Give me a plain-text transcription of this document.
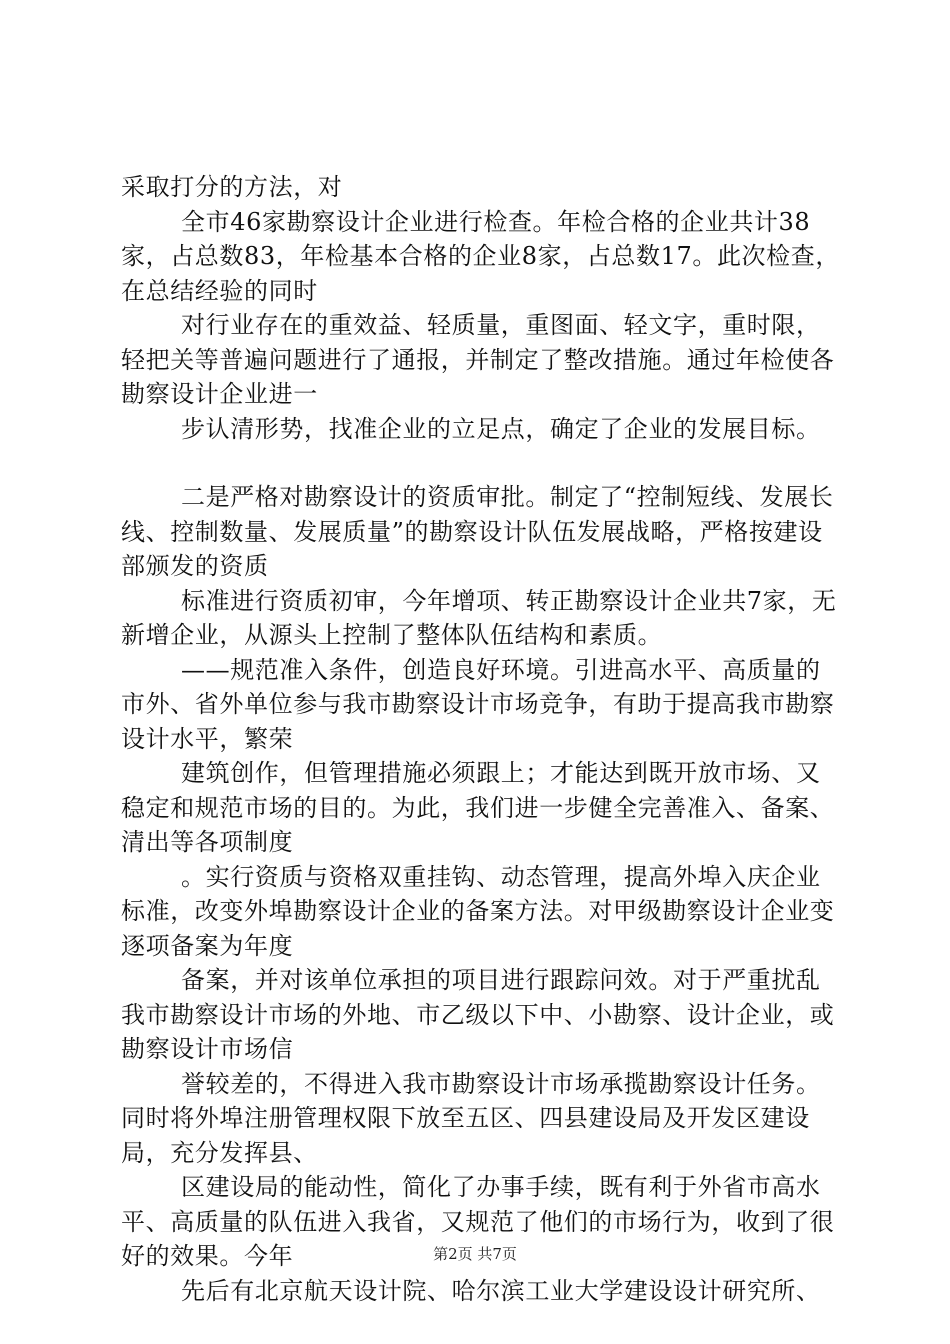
采取打分的方法，对

全市46家勘察设计企业进行检查。年检合格的企业共计38家，占总数83，年检基本合格的企业8家，占总数17。此次检查，在总结经验的同时

对行业存在的重效益、轻质量，重图面、轻文字，重时限，轻把关等普遍问题进行了通报，并制定了整改措施。通过年检使各勘察设计企业进一

步认清形势，找准企业的立足点，确定了企业的发展目标。

二是严格对勘察设计的资质审批。制定了“控制短线、发展长线、控制数量、发展质量”的勘察设计队伍发展战略，严格按建设部颁发的资质

标准进行资质初审，今年增项、转正勘察设计企业共7家，无新增企业，从源头上控制了整体队伍结构和素质。

——规范准入条件，创造良好环境。引进高水平、高质量的市外、省外单位参与我市勘察设计市场竞争，有助于提高我市勘察设计水平，繁荣

建筑创作，但管理措施必须跟上；才能达到既开放市场、又稳定和规范市场的目的。为此，我们进一步健全完善准入、备案、清出等各项制度

。实行资质与资格双重挂钩、动态管理，提高外埠入庆企业标准，改变外埠勘察设计企业的备案方法。对甲级勘察设计企业变逐项备案为年度

备案，并对该单位承担的项目进行跟踪问效。对于严重扰乱我市勘察设计市场的外地、市乙级以下中、小勘察、设计企业，或勘察设计市场信

誉较差的，不得进入我市勘察设计市场承揽勘察设计任务。同时将外埠注册管理权限下放至五区、四县建设局及开发区建设局，充分发挥县、

区建设局的能动性，简化了办事手续，既有利于外省市高水平、高质量的队伍进入我省，又规范了他们的市场行为，收到了很好的效果。今年

先后有北京航天设计院、哈尔滨工业大学建设设计研究所、

第2页 共7页
